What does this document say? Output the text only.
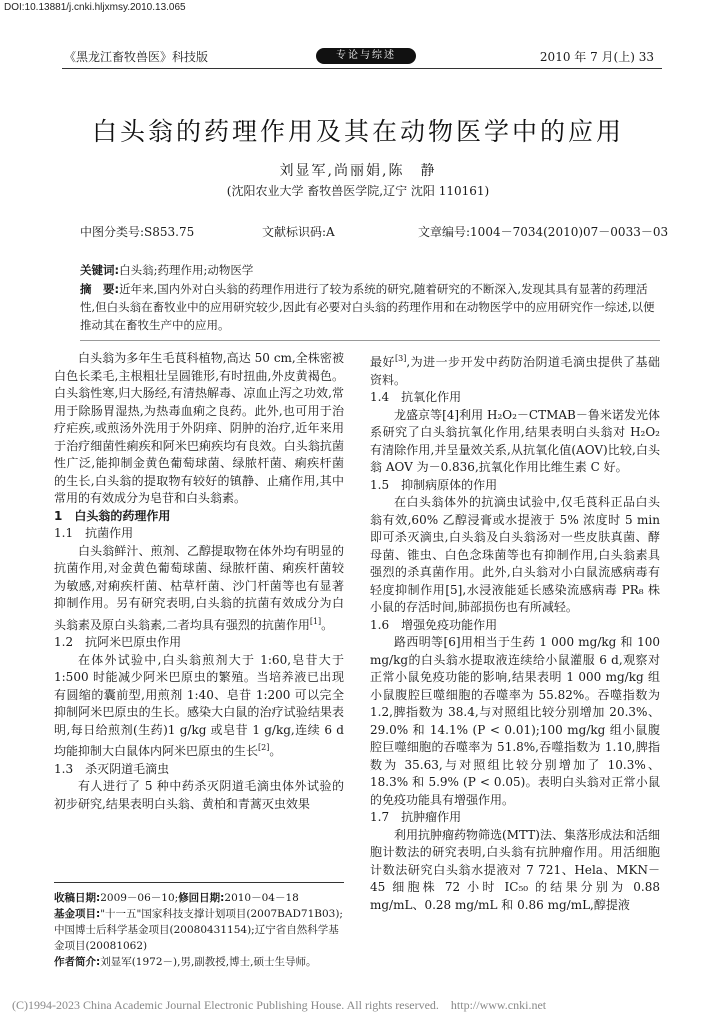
DOI:10.13881/j.cnki.hljxmsy.2010.13.065
《黑龙江畜牧兽医》科技版	专论与综述	2010 年 7 月(上) 33
白头翁的药理作用及其在动物医学中的应用
刘显军,尚丽娟,陈　静
(沈阳农业大学 畜牧兽医学院,辽宁 沈阳 110161)
中图分类号:S853.75	文献标识码:A	文章编号:1004－7034(2010)07－0033－03
关键词:白头翁;药理作用;动物医学
摘　要:近年来,国内外对白头翁的药理作用进行了较为系统的研究,随着研究的不断深入,发现其具有显著的药理活性,但白头翁在畜牧业中的应用研究较少,因此有必要对白头翁的药理作用和在动物医学中的应用研究作一综述,以便推动其在畜牧生产中的应用。

白头翁为多年生毛茛科植物,高达 50 cm,全株密被白色长柔毛,主根粗壮呈圆锥形,有时扭曲,外皮黄褐色。白头翁性寒,归大肠经,有清热解毒、凉血止泻之功效,常用于除肠胃湿热,为热毒血痢之良药。此外,也可用于治疗疟疾,或煎汤外洗用于外阴痒、阴肿的治疗,近年来用于治疗细菌性痢疾和阿米巴痢疾均有良效。白头翁抗菌性广泛,能抑制金黄色葡萄球菌、绿脓杆菌、痢疾杆菌的生长,白头翁的提取物有较好的镇静、止痛作用,其中常用的有效成分为皂苷和白头翁素。

1　白头翁的药理作用
1.1　抗菌作用

白头翁鲜汁、煎剂、乙醇提取物在体外均有明显的抗菌作用,对金黄色葡萄球菌、绿脓杆菌、痢疾杆菌较为敏感,对痢疾杆菌、枯草杆菌、沙门杆菌等也有显著抑制作用。另有研究表明,白头翁的抗菌有效成分为白头翁素及原白头翁素,二者均具有强烈的抗菌作用[1]。

1.2　抗阿米巴原虫作用

在体外试验中,白头翁煎剂大于 1:60,皂苷大于 1:500 时能减少阿米巴原虫的繁殖。当培养液已出现有圆缩的囊前型,用煎剂 1:40、皂苷 1:200 可以完全抑制阿米巴原虫的生长。感染大白鼠的治疗试验结果表明,每日给煎剂(生药)1 g/kg 或皂苷 1 g/kg,连续 6 d 均能抑制大白鼠体内阿米巴原虫的生长[2]。

1.3　杀灭阴道毛滴虫

有人进行了 5 种中药杀灭阴道毛滴虫体外试验的初步研究,结果表明白头翁、黄柏和青蒿灭虫效果

最好[3],为进一步开发中药防治阴道毛滴虫提供了基础资料。
1.4　抗氧化作用

龙盛京等[4]利用 H₂O₂－CTMAB－鲁米诺发光体系研究了白头翁抗氧化作用,结果表明白头翁对 H₂O₂ 有清除作用,并呈量效关系,从抗氧化值(AOV)比较,白头翁 AOV 为－0.836,抗氧化作用比维生素 C 好。

1.5　抑制病原体的作用

在白头翁体外的抗滴虫试验中,仅毛莨科正品白头翁有效,60% 乙醇浸膏或水提液于 5% 浓度时 5 min即可杀灭滴虫,白头翁及白头翁汤对一些皮肤真菌、酵母菌、锥虫、白色念珠菌等也有抑制作用,白头翁素具强烈的杀真菌作用。此外,白头翁对小白鼠流感病毒有轻度抑制作用[5],水浸液能延长感染流感病毒 PR₈ 株小鼠的存活时间,肺部损伤也有所减轻。

1.6　增强免疫功能作用

路西明等[6]用相当于生药 1 000 mg/kg 和 100 mg/kg的白头翁水提取液连续给小鼠灌服 6 d,观察对正常小鼠免疫功能的影响,结果表明 1 000 mg/kg 组小鼠腹腔巨噬细胞的吞噬率为 55.82%。吞噬指数为 1.2,脾指数为 38.4,与对照组比较分别增加 20.3%、29.0% 和 14.1% (P < 0.01);100 mg/kg 组小鼠腹腔巨噬细胞的吞噬率为 51.8%,吞噬指数为 1.10,脾指数为 35.63,与对照组比较分别增加了 10.3%、18.3% 和 5.9% (P < 0.05)。表明白头翁对正常小鼠的免疫功能具有增强作用。

1.7　抗肿瘤作用

利用抗肿瘤药物筛选(MTT)法、集落形成法和活细胞计数法的研究表明,白头翁有抗肿瘤作用。用活细胞计数法研究白头翁水提液对 7 721、Hela、MKN－45 细胞株 72 小时 IC₅₀ 的结果分别为 0.88 mg/mL、0.28 mg/mL 和 0.86 mg/mL,醇提液

收稿日期:2009－06－10;修回日期:2010－04－18
基金项目:"十一五"国家科技支撑计划项目(2007BAD71B03);中国博士后科学基金项目(20080431154);辽宁省自然科学基金项目(20081062)
作者简介:刘显军(1972－),男,副教授,博士,硕士生导师。
(C)1994-2023 China Academic Journal Electronic Publishing House. All rights reserved.　http://www.cnki.net
